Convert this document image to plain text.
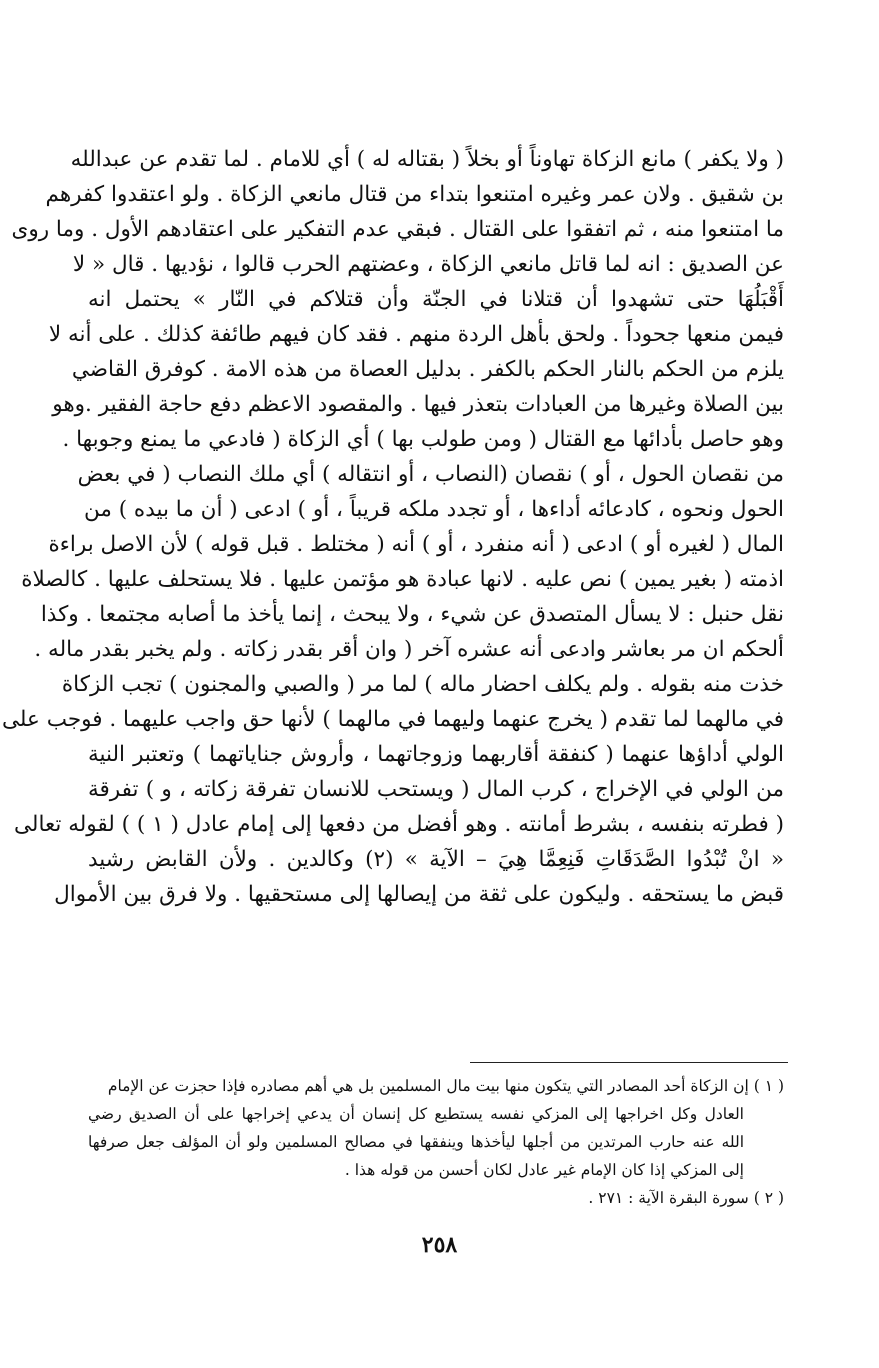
( ولا يكفر ) مانع الزكاة تهاوناً أو بخلاً ( بقتاله له ) أي للامام . لما تقدم عن عبدالله
بن شقيق . ولان عمر وغيره امتنعوا بتداء من قتال مانعي الزكاة . ولو اعتقدوا كفرهم
ما امتنعوا منه ، ثم اتفقوا على القتال . فبقي عدم التفكير على اعتقادهم الأول . وما روى
عن الصديق : انه لما قاتل مانعي الزكاة ، وعضتهم الحرب قالوا ، نؤديها . قال « لا
أَقْبَلُهَا حتى تشهدوا أن قتلانا في الجنّة وأن قتلاكم في النّار » يحتمل انه
فيمن منعها جحوداً . ولحق بأهل الردة منهم . فقد كان فيهم طائفة كذلك . على أنه لا
يلزم من الحكم بالنار الحكم بالكفر . بدليل العصاة من هذه الامة . كوفرق القاضي
بين الصلاة وغيرها من العبادات بتعذر فيها . والمقصود الاعظم دفع حاجة الفقير .وهو
وهو حاصل بأدائها مع القتال ( ومن طولب بها ) أي الزكاة ( فادعي ما يمنع وجوبها .
من نقصان الحول ، أو ) نقصان (النصاب ، أو انتقاله ) أي ملك النصاب ( في بعض
الحول ونحوه ، كادعائه أداءها ، أو تجدد ملكه قريباً ، أو ) ادعى ( أن ما بيده ) من
المال ( لغيره أو ) ادعى ( أنه منفرد ، أو ) أنه ( مختلط . قبل قوله ) لأن الاصل براءة
اذمته ( بغير يمين ) نص عليه . لانها عبادة هو مؤتمن عليها . فلا يستحلف عليها . كالصلاة
نقل حنبل : لا يسأل المتصدق عن شيء ، ولا يبحث ، إنما يأخذ ما أصابه مجتمعا . وكذا
ألحكم ان مر بعاشر وادعى أنه عشره آخر ( وان أقر بقدر زكاته . ولم يخبر بقدر ماله .
خذت منه بقوله . ولم يكلف احضار ماله ) لما مر ( والصبي والمجنون ) تجب الزكاة
في مالهما لما تقدم ( يخرج عنهما وليهما في مالهما ) لأنها حق واجب عليهما . فوجب على
الولي أداؤها عنهما ( كنفقة أقاربهما وزوجاتهما ، وأروش جناياتهما ) وتعتبر النية
من الولي في الإخراج ، كرب المال ( ويستحب للانسان تفرقة زكاته ، و ) تفرقة
( فطرته بنفسه ، بشرط أمانته . وهو أفضل من دفعها إلى إمام عادل ( ١ ) ) لقوله تعالى
« انْ تُبْدُوا الصَّدَقَاتِ فَنِعِمَّا هِيَ – الآية » (٢) وكالدين . ولأن القابض رشيد
قبض ما يستحقه . وليكون على ثقة من إيصالها إلى مستحقيها . ولا فرق بين الأموال
( ١ ) إن الزكاة أحد المصادر التي يتكون منها بيت مال المسلمين بل هي أهم مصادره فإذا حجزت عن الإمام
العادل وكل اخراجها إلى المزكي نفسه يستطيع كل إنسان أن يدعي إخراجها على أن الصديق رضي
الله عنه حارب المرتدين من أجلها ليأخذها وينفقها في مصالح المسلمين ولو أن المؤلف جعل صرفها
إلى المزكي إذا كان الإمام غير عادل لكان أحسن من قوله هذا .
( ٢ ) سورة البقرة الآية : ٢٧١ .
٢٥٨
